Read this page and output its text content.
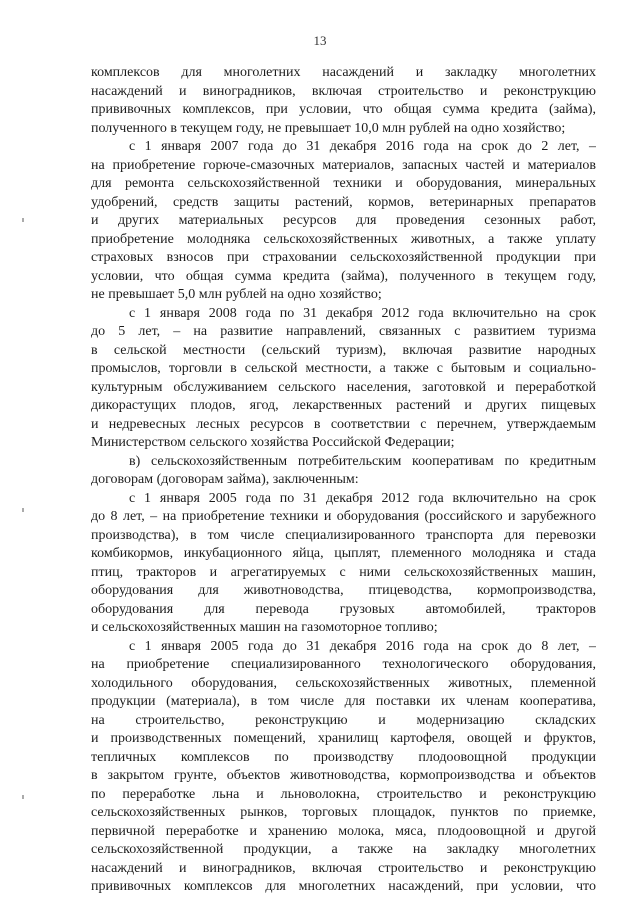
13
комплексов для многолетних насаждений и закладку многолетних
насаждений и виноградников, включая строительство и реконструкцию
прививочных комплексов, при условии, что общая сумма кредита (займа),
полученного в текущем году, не превышает 10,0 млн рублей на одно хозяйство;
с 1 января 2007 года до 31 декабря 2016 года на срок до 2 лет, –
на приобретение горюче-смазочных материалов, запасных частей и материалов
для ремонта сельскохозяйственной техники и оборудования, минеральных
удобрений, средств защиты растений, кормов, ветеринарных препаратов
и других материальных ресурсов для проведения сезонных работ,
приобретение молодняка сельскохозяйственных животных, а также уплату
страховых взносов при страховании сельскохозяйственной продукции при
условии, что общая сумма кредита (займа), полученного в текущем году,
не превышает 5,0 млн рублей на одно хозяйство;
с 1 января 2008 года по 31 декабря 2012 года включительно на срок
до 5 лет, – на развитие направлений, связанных с развитием туризма
в сельской местности (сельский туризм), включая развитие народных
промыслов, торговли в сельской местности, а также с бытовым и социально-
культурным обслуживанием сельского населения, заготовкой и переработкой
дикорастущих плодов, ягод, лекарственных растений и других пищевых
и недревесных лесных ресурсов в соответствии с перечнем, утверждаемым
Министерством сельского хозяйства Российской Федерации;
в) сельскохозяйственным потребительским кооперативам по кредитным
договорам (договорам займа), заключенным:
с 1 января 2005 года по 31 декабря 2012 года включительно на срок
до 8 лет, – на приобретение техники и оборудования (российского и зарубежного
производства), в том числе специализированного транспорта для перевозки
комбикормов, инкубационного яйца, цыплят, племенного молодняка и стада
птиц, тракторов и агрегатируемых с ними сельскохозяйственных машин,
оборудования для животноводства, птицеводства, кормопроизводства,
оборудования для перевода грузовых автомобилей, тракторов
и сельскохозяйственных машин на газомоторное топливо;
с 1 января 2005 года до 31 декабря 2016 года на срок до 8 лет, –
на приобретение специализированного технологического оборудования,
холодильного оборудования, сельскохозяйственных животных, племенной
продукции (материала), в том числе для поставки их членам кооператива,
на строительство, реконструкцию и модернизацию складских
и производственных помещений, хранилищ картофеля, овощей и фруктов,
тепличных комплексов по производству плодоовощной продукции
в закрытом грунте, объектов животноводства, кормопроизводства и объектов
по переработке льна и льноволокна, строительство и реконструкцию
сельскохозяйственных рынков, торговых площадок, пунктов по приемке,
первичной переработке и хранению молока, мяса, плодоовощной и другой
сельскохозяйственной продукции, а также на закладку многолетних
насаждений и виноградников, включая строительство и реконструкцию
прививочных комплексов для многолетних насаждений, при условии, что
